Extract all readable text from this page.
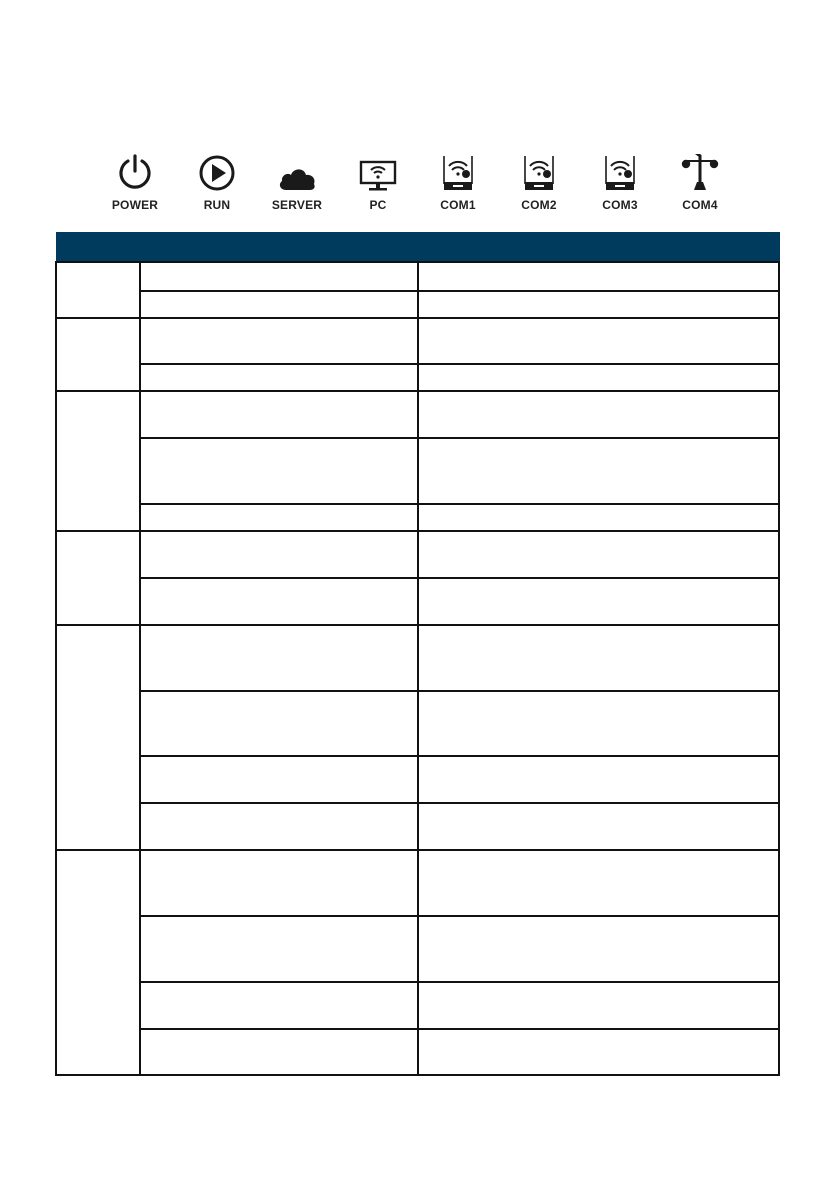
POWER	RUN	SERVER	PC	COM1	COM2	COM3	COM4
